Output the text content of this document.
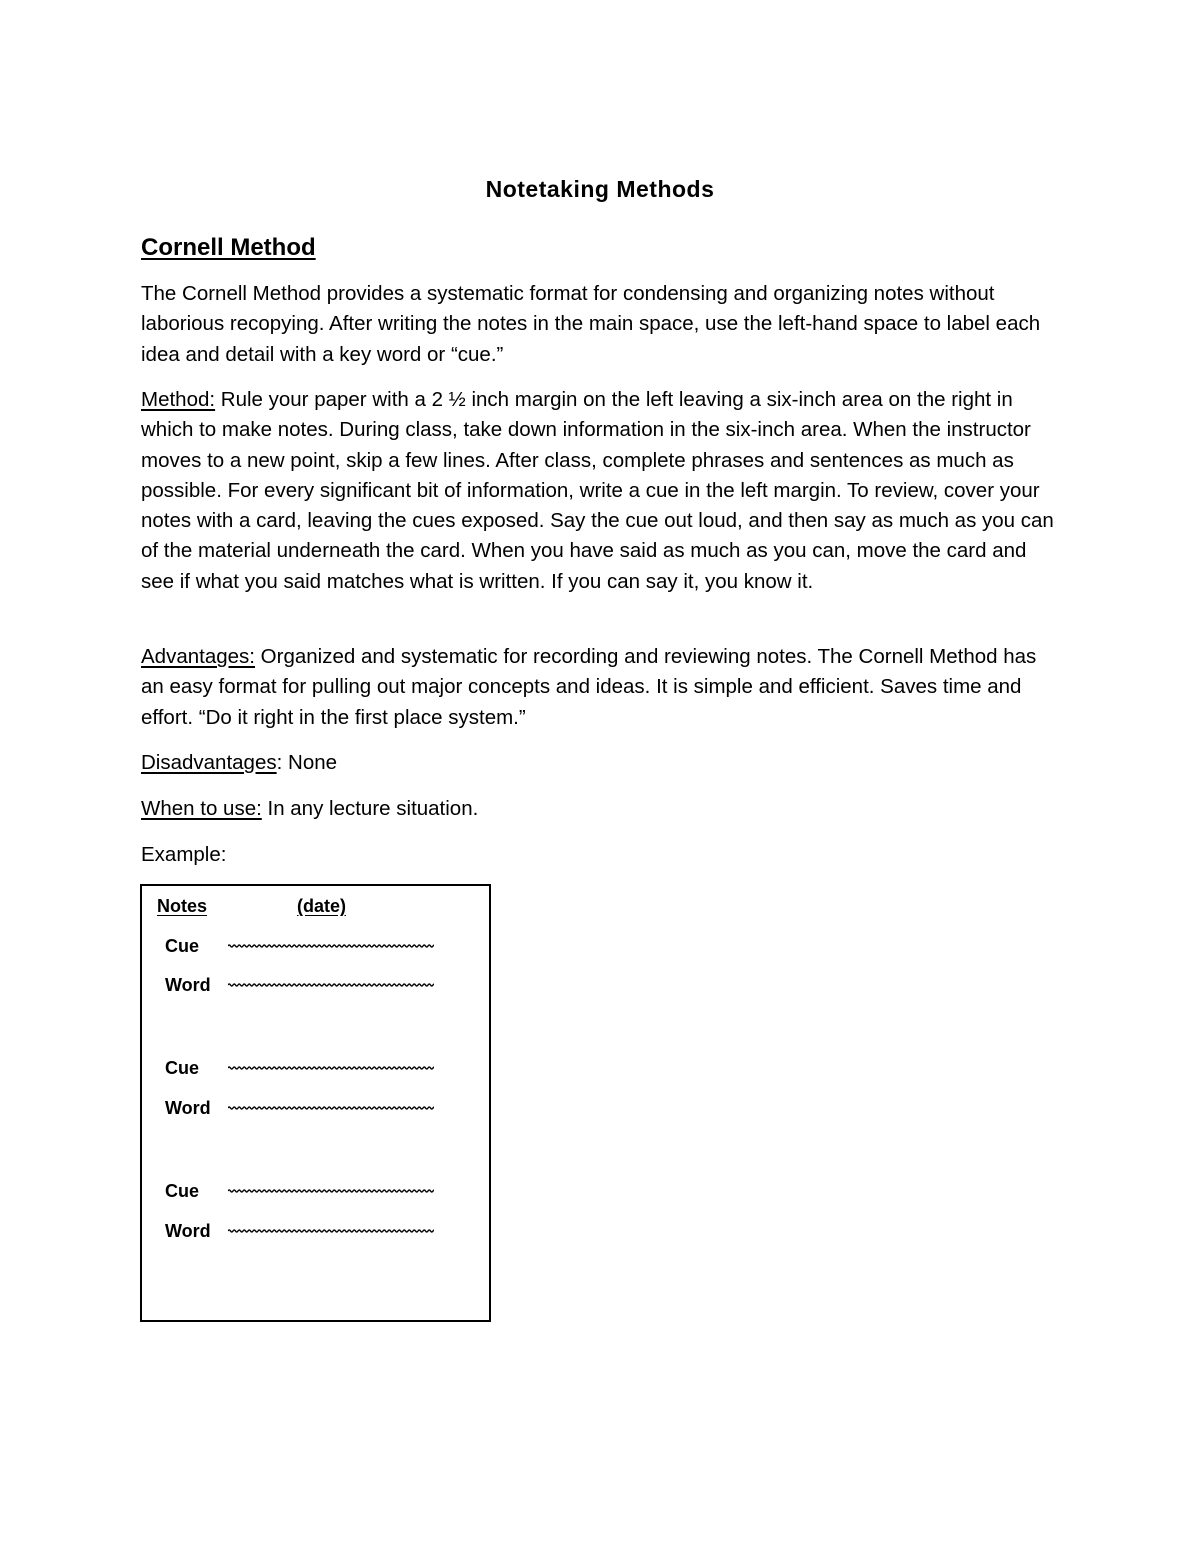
Notetaking Methods
Cornell Method

The Cornell Method provides a systematic format for condensing and organizing notes without laborious recopying. After writing the notes in the main space, use the left-hand space to label each idea and detail with a key word or “cue.”

Method: Rule your paper with a 2 ½ inch margin on the left leaving a six-inch area on the right in which to make notes. During class, take down information in the six-inch area. When the instructor moves to a new point, skip a few lines. After class, complete phrases and sentences as much as possible. For every significant bit of information, write a cue in the left margin. To review, cover your notes with a card, leaving the cues exposed. Say the cue out loud, and then say as much as you can of the material underneath the card. When you have said as much as you can, move the card and see if what you said matches what is written. If you can say it, you know it.

Advantages: Organized and systematic for recording and reviewing notes. The Cornell Method has an easy format for pulling out major concepts and ideas. It is simple and efficient. Saves time and effort. “Do it right in the first place system.”

Disadvantages: None

When to use: In any lecture situation.

Example:

Notes	(date)
Cue
Word
Cue
Word
Cue
Word
